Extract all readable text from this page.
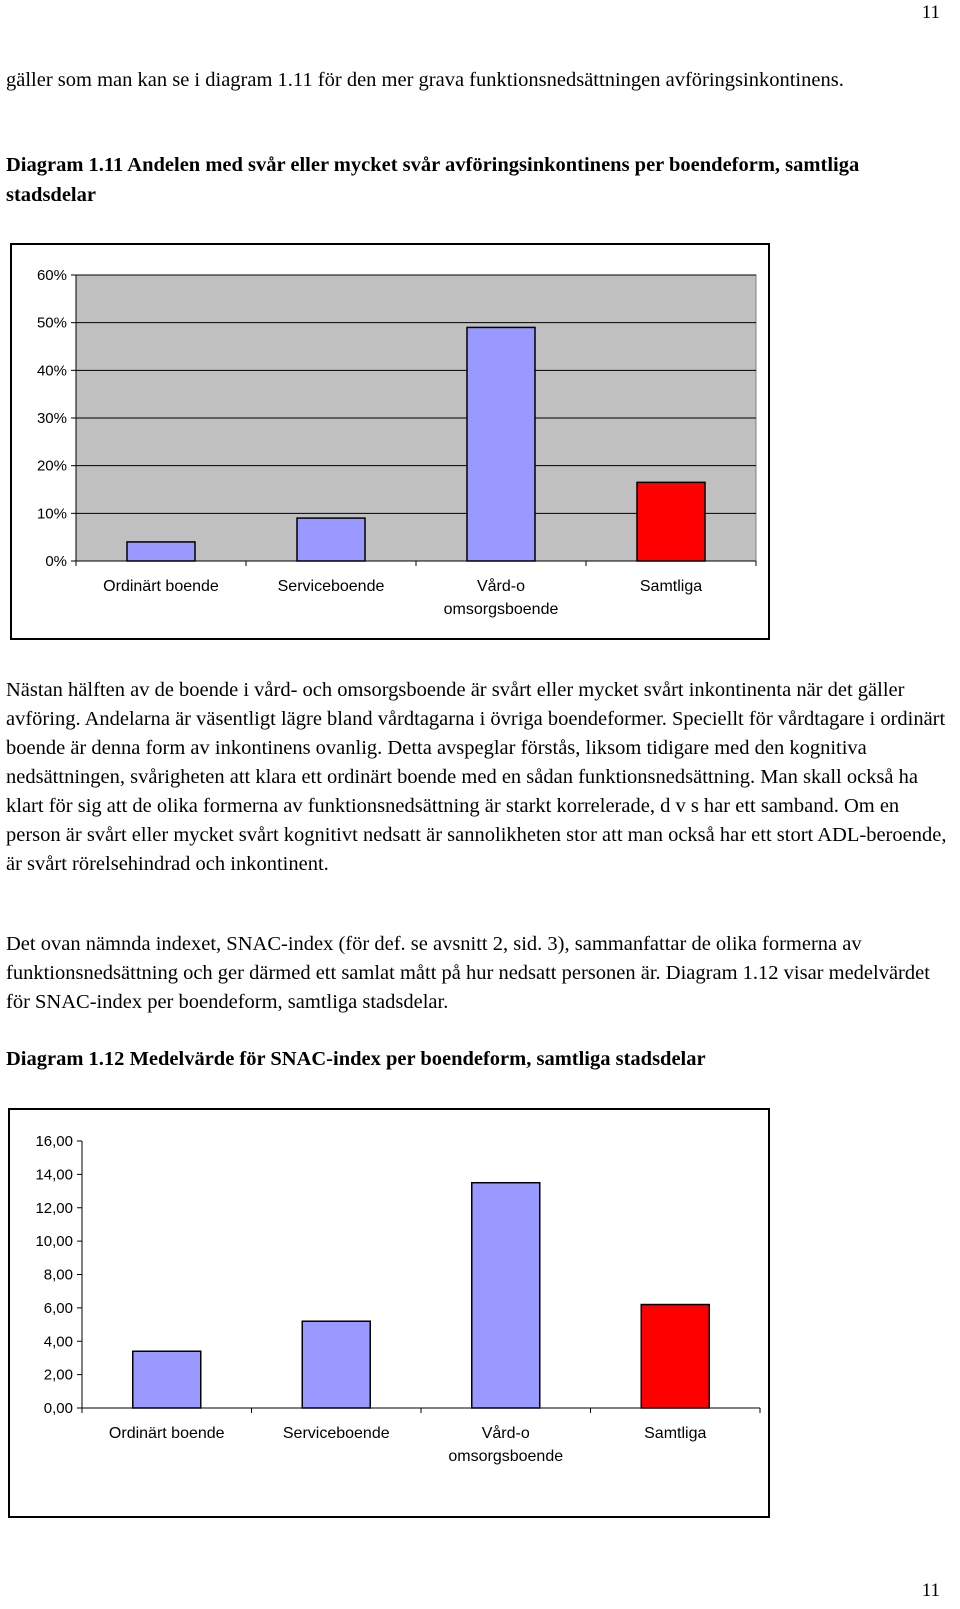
11

gäller som man kan se i diagram 1.11 för den mer grava funktionsnedsättningen avföringsinkontinens.

Diagram 1.11 Andelen med svår eller mycket svår avföringsinkontinens per boendeform, samtliga stadsdelar

0%
10%
20%
30%
40%
50%
60%
Ordinärt boende	Serviceboende	Vård-o
omsorgsboende
Samtliga

Nästan hälften av de boende i vård- och omsorgsboende är svårt eller mycket svårt inkontinenta när det gäller avföring. Andelarna är väsentligt lägre bland vårdtagarna i övriga boendeformer. Speciellt för vårdtagare i ordinärt boende är denna form av inkontinens ovanlig. Detta avspeglar förstås, liksom tidigare med den kognitiva nedsättningen, svårigheten att klara ett ordinärt boende med en sådan funktionsnedsättning. Man skall också ha klart för sig att de olika formerna av funktionsnedsättning är starkt korrelerade, d v s har ett samband. Om en person är svårt eller mycket svårt kognitivt nedsatt är sannolikheten stor att man också har ett stort ADL-beroende, är svårt rörelsehindrad och inkontinent.

Det ovan nämnda indexet, SNAC-index (för def. se avsnitt 2, sid. 3), sammanfattar de olika formerna av funktionsnedsättning och ger därmed ett samlat mått på hur nedsatt personen är. Diagram 1.12 visar medelvärdet för SNAC-index per boendeform, samtliga stadsdelar.

Diagram 1.12 Medelvärde för SNAC-index per boendeform, samtliga stadsdelar

0,00
2,00
4,00
6,00
8,00
10,00
12,00
14,00
16,00
Ordinärt boende	Serviceboende	Vård-o
omsorgsboende
Samtliga
11
